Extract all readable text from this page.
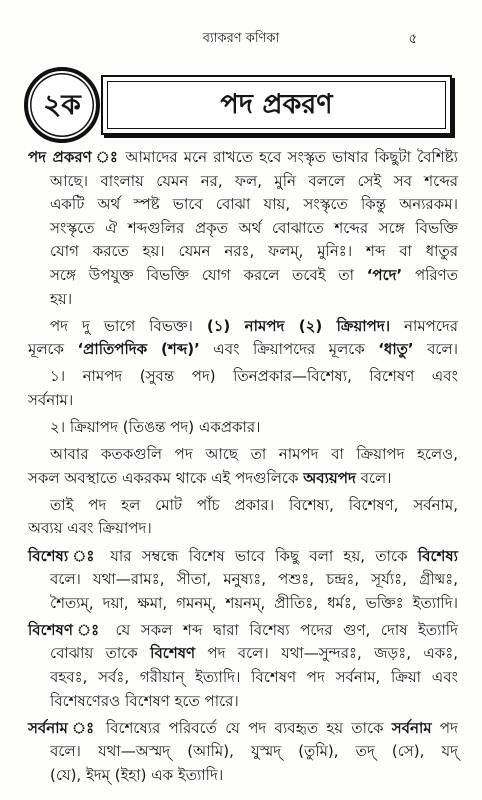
ব্যাকরণ কণিকা	৫
২ক	পদ প্রকরণ
পদ প্রকরণ ঃ আমাদের মনে রাখতে হবে সংস্কৃত ভাষার কিছুটা বৈশিষ্ট্য
আছে। বাংলায় যেমন নর, ফল, মুনি বললে সেই সব শব্দের
একটি অর্থ স্পষ্ট ভাবে বোঝা যায়, সংস্কৃতে কিন্তু অন্যরকম।
সংস্কৃতে ঐ শব্দগুলির প্রকৃত অর্থ বোঝাতে শব্দের সঙ্গে বিভক্তি
যোগ করতে হয়। যেমন নরঃ, ফলম্, মুনিঃ। শব্দ বা ধাতুর
সঙ্গে উপযুক্ত বিভক্তি যোগ করলে তবেই তা ‘পদে’ পরিণত
হয়।
পদ দু ভাগে বিভক্ত। (১) নামপদ (২) ক্রিয়াপদ। নামপদের
মূলকে ‘প্রাতিপদিক (শব্দ)’ এবং ক্রিয়াপদের মূলকে ‘ধাতু’ বলে।
১। নামপদ (সুবন্ত পদ) তিনপ্রকার—বিশেষ্য, বিশেষণ এবং
সর্বনাম।
২। ক্রিয়াপদ (তিঙন্ত পদ) একপ্রকার।
আবার কতকগুলি পদ আছে তা নামপদ বা ক্রিয়াপদ হলেও,
সকল অবস্থাতে একরকম থাকে এই পদগুলিকে অব্যয়পদ বলে।
তাই পদ হল মোট পাঁচ প্রকার। বিশেষ্য, বিশেষণ, সর্বনাম,
অব্যয় এবং ক্রিয়াপদ।
বিশেষ্য ঃ যার সম্বন্ধে বিশেষ ভাবে কিছু বলা হয়, তাকে বিশেষ্য
বলে। যথা—রামঃ, সীতা, মনুষ্যঃ, পশুঃ, চন্দ্রঃ, সূর্য্যঃ, গ্রীষ্মঃ,
শৈত্যম্, দয়া, ক্ষমা, গমনম্, শয়নম্, প্রীতিঃ, ধর্মঃ, ভক্তিঃ ইত্যাদি।
বিশেষণ ঃ যে সকল শব্দ দ্বারা বিশেষ্য পদের গুণ, দোষ ইত্যাদি
বোঝায় তাকে বিশেষণ পদ বলে। যথা—সুন্দরঃ, জড়ঃ, একঃ,
বহবঃ, সর্বঃ, গরীয়ান্ ইত্যাদি। বিশেষণ পদ সর্বনাম, ক্রিয়া এবং
বিশেষণেরও বিশেষণ হতে পারে।
সর্বনাম ঃ বিশেষ্যের পরিবর্তে যে পদ ব্যবহৃত হয় তাকে সর্বনাম পদ
বলে। যথা—অস্মদ্ (আমি), যুস্মদ্ (তুমি), তদ্ (সে), যদ্
(যে), ইদম্ (ইহা) এক ইত্যাদি।
